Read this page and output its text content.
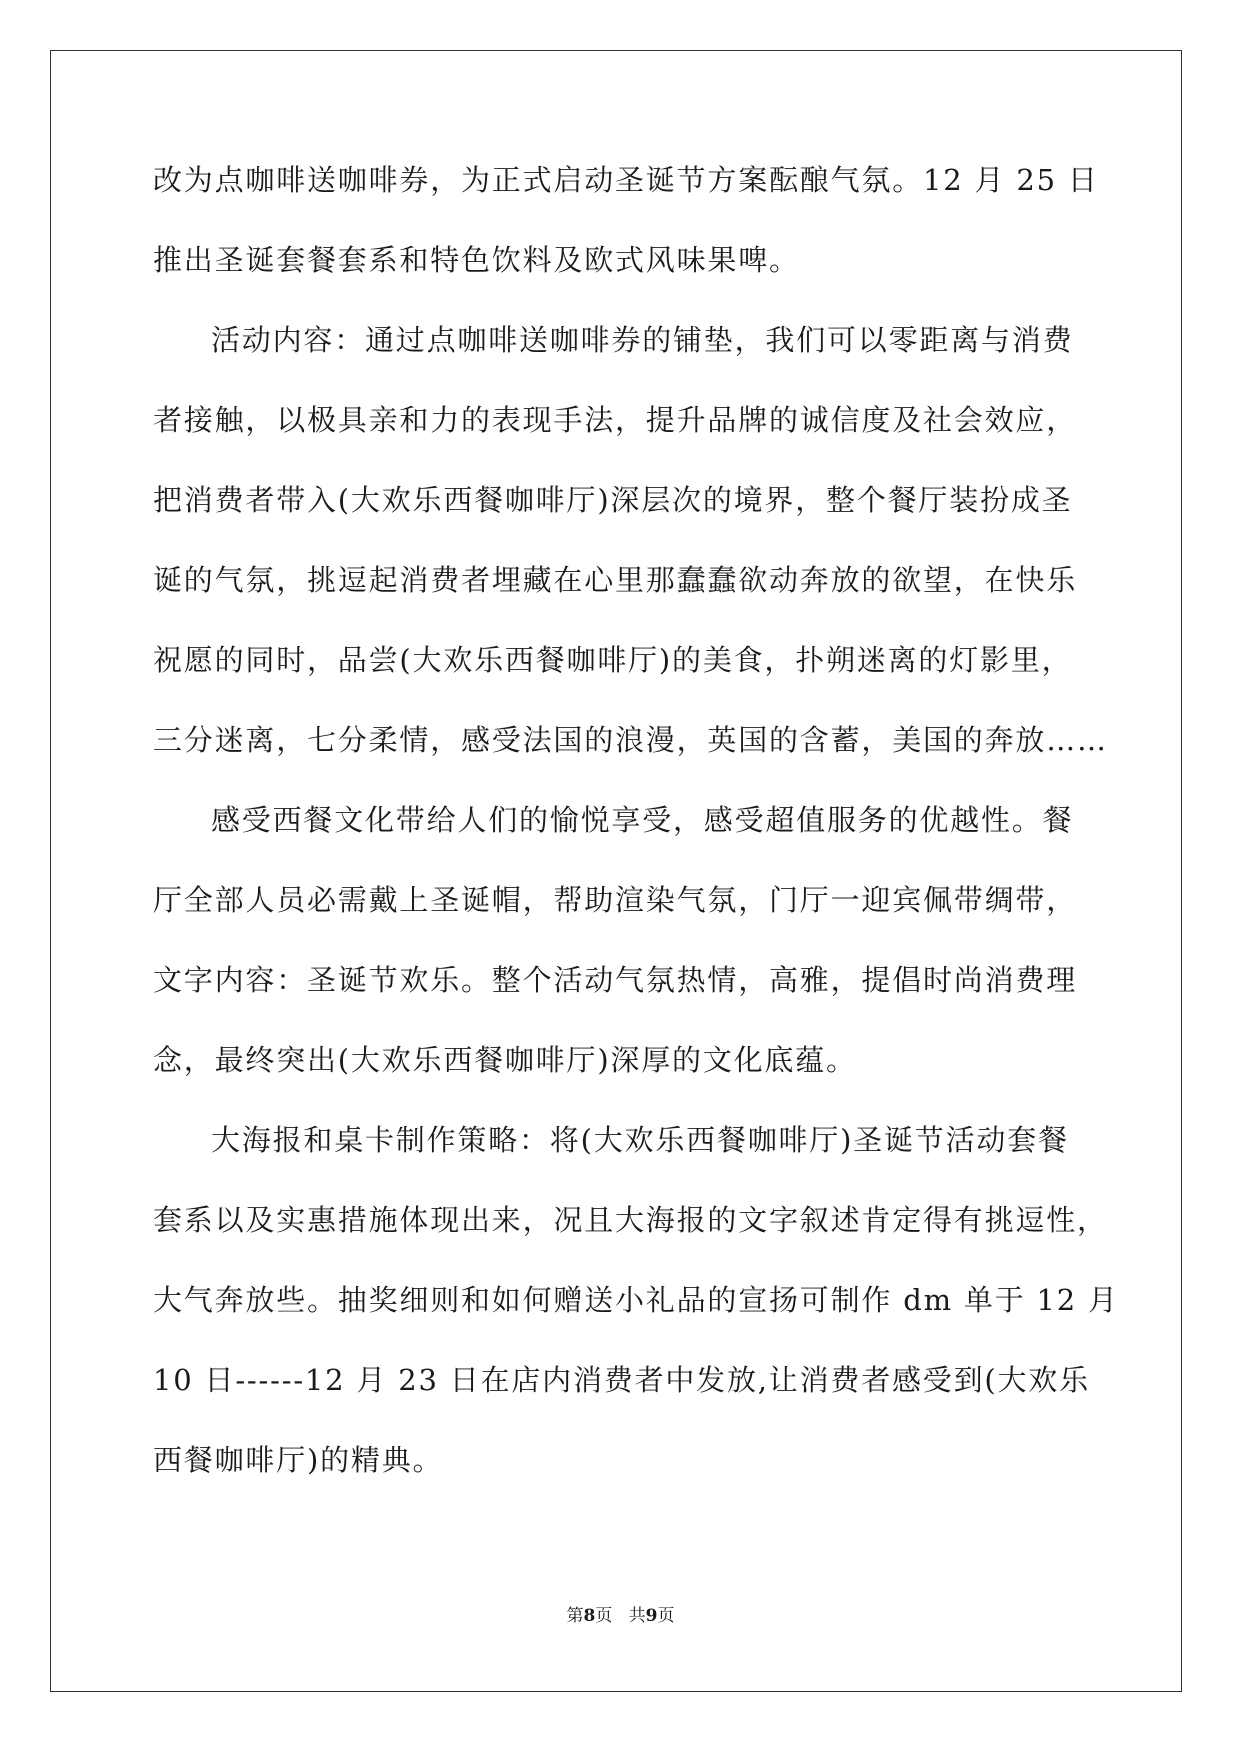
改为点咖啡送咖啡券，为正式启动圣诞节方案酝酿气氛。12 月 25 日
推出圣诞套餐套系和特色饮料及欧式风味果啤。
活动内容：通过点咖啡送咖啡券的铺垫，我们可以零距离与消费
者接触，以极具亲和力的表现手法，提升品牌的诚信度及社会效应，
把消费者带入(大欢乐西餐咖啡厅)深层次的境界，整个餐厅装扮成圣
诞的气氛，挑逗起消费者埋藏在心里那蠢蠢欲动奔放的欲望，在快乐
祝愿的同时，品尝(大欢乐西餐咖啡厅)的美食，扑朔迷离的灯影里，
三分迷离，七分柔情，感受法国的浪漫，英国的含蓄，美国的奔放……
感受西餐文化带给人们的愉悦享受，感受超值服务的优越性。餐
厅全部人员必需戴上圣诞帽，帮助渲染气氛，门厅一迎宾佩带绸带，
文字内容：圣诞节欢乐。整个活动气氛热情，高雅，提倡时尚消费理
念，最终突出(大欢乐西餐咖啡厅)深厚的文化底蕴。
大海报和桌卡制作策略：将(大欢乐西餐咖啡厅)圣诞节活动套餐
套系以及实惠措施体现出来，况且大海报的文字叙述肯定得有挑逗性，
大气奔放些。抽奖细则和如何赠送小礼品的宣扬可制作 dm 单于 12 月
10 日------12 月 23 日在店内消费者中发放,让消费者感受到(大欢乐
西餐咖啡厅)的精典。
第8页 共9页
